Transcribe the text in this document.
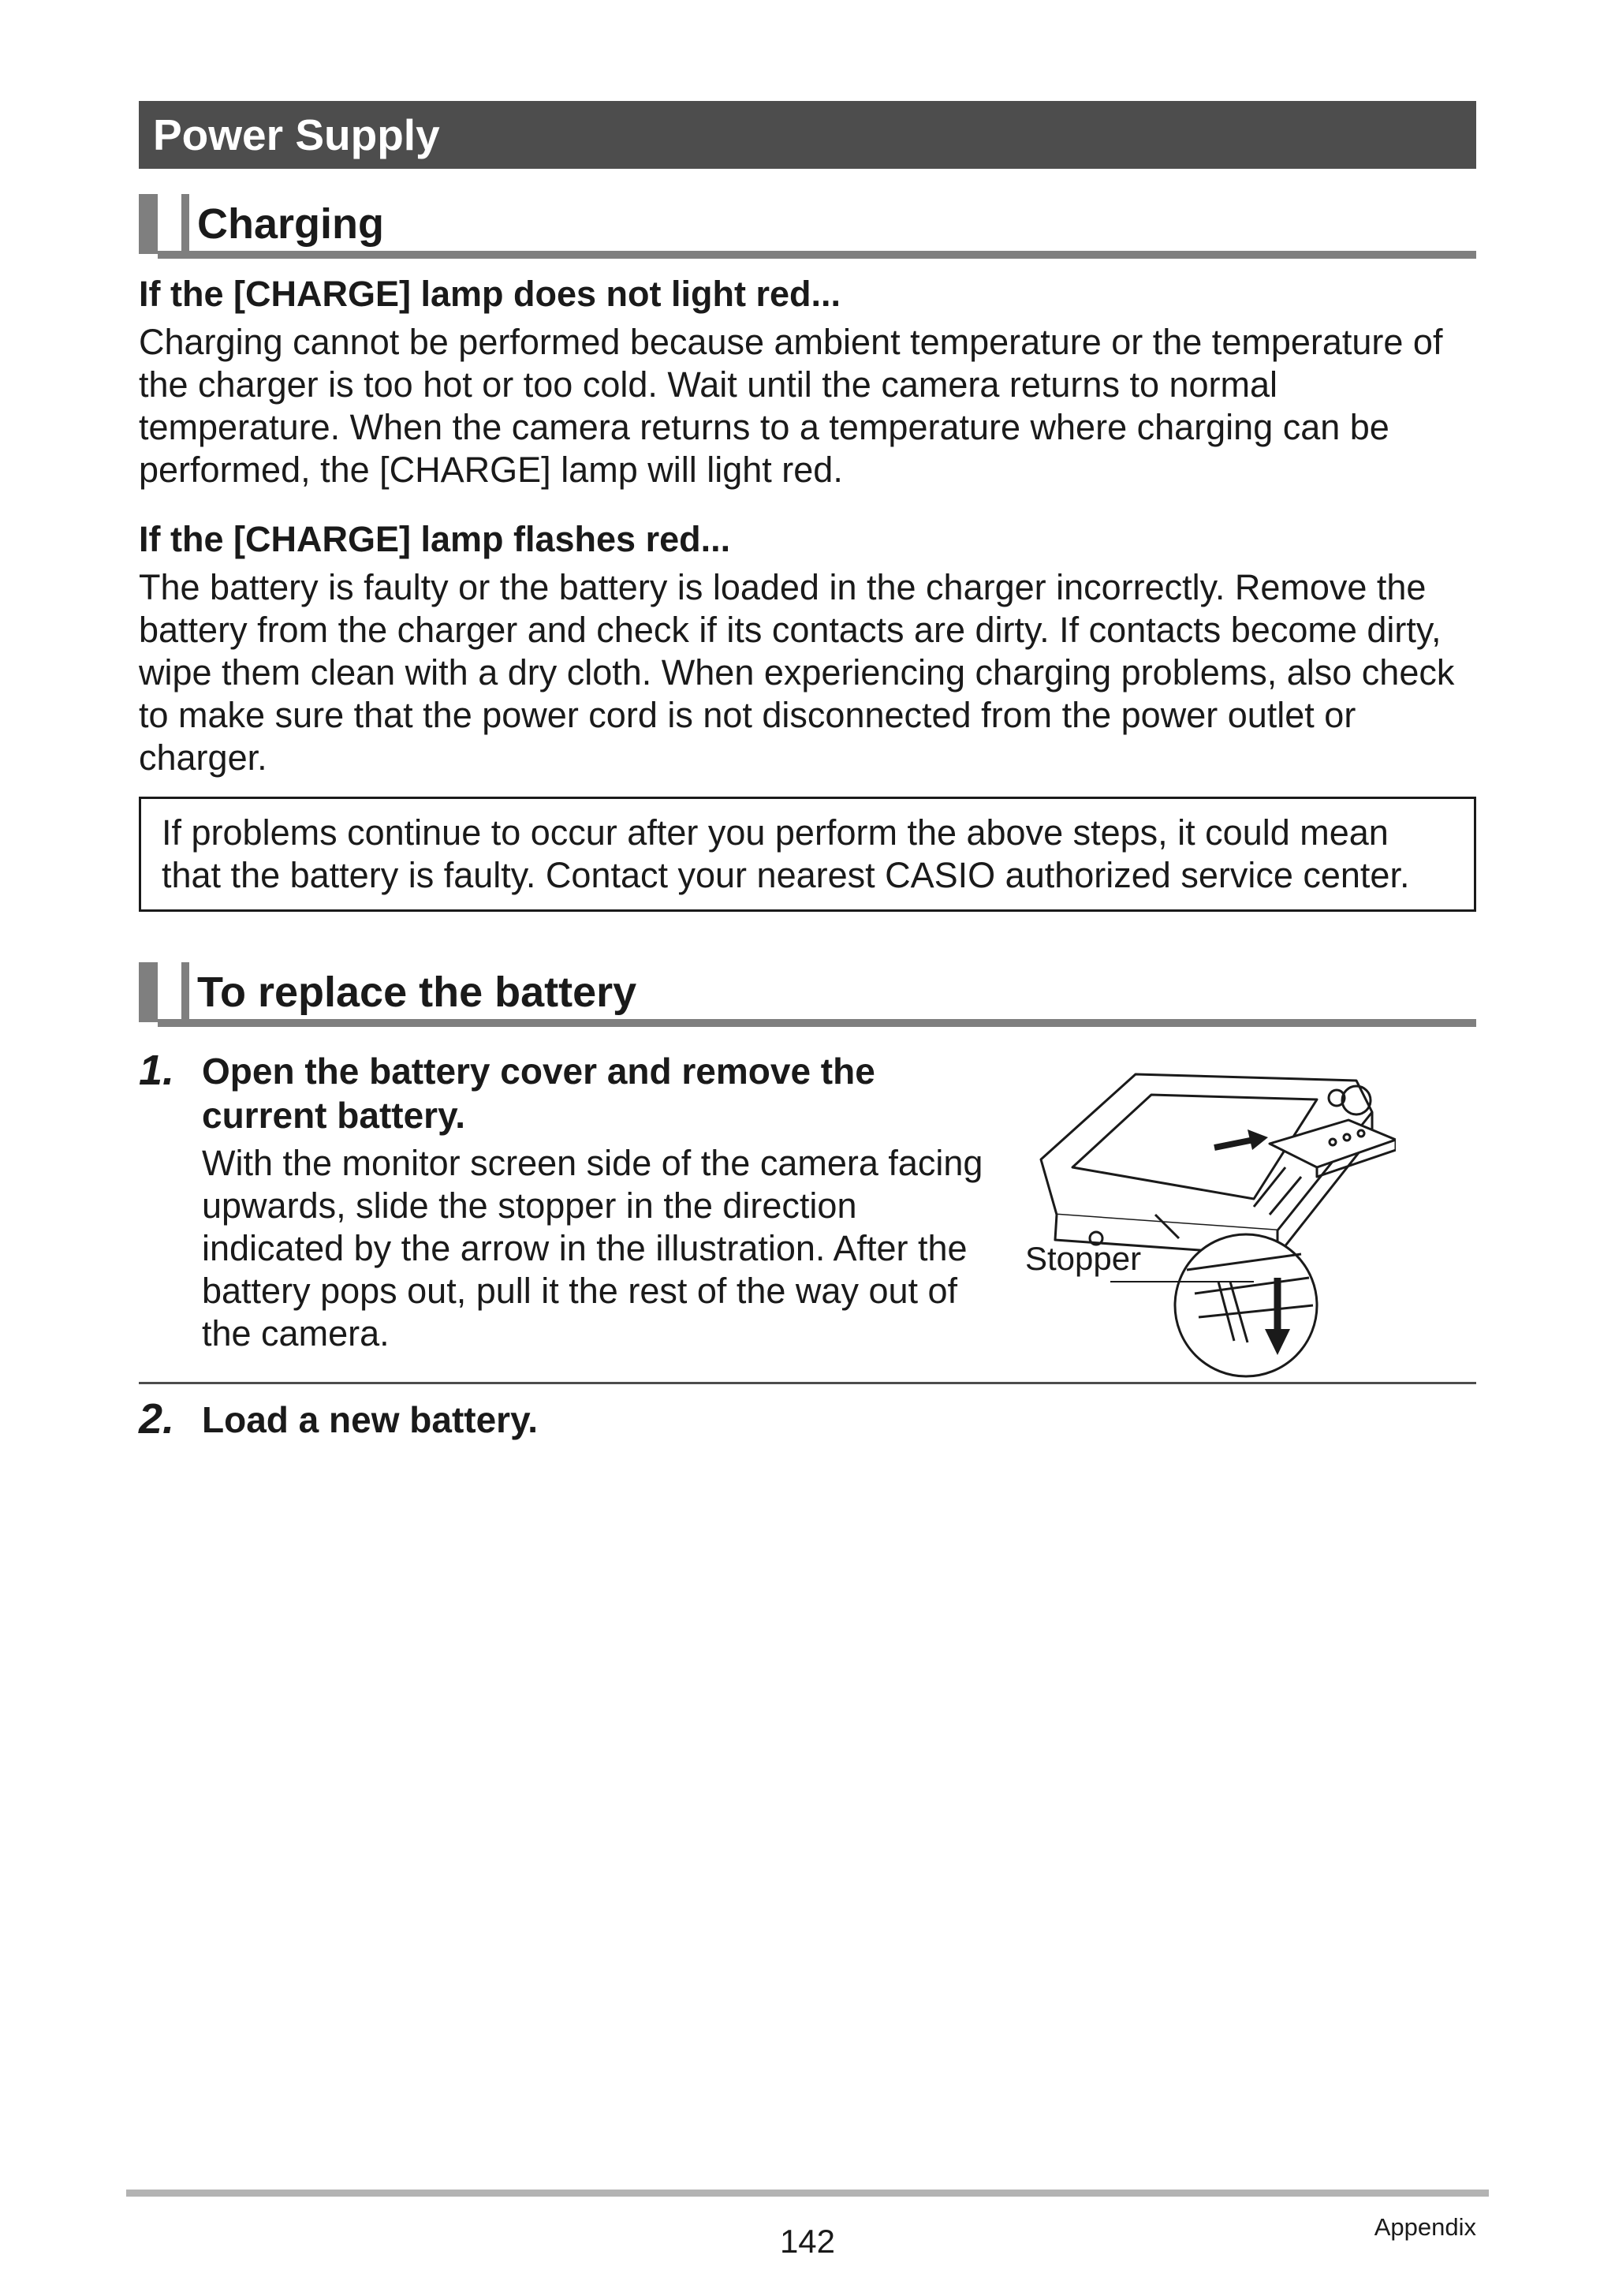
Power Supply
Charging
If the [CHARGE] lamp does not light red...

Charging cannot be performed because ambient temperature or the temperature of the charger is too hot or too cold. Wait until the camera returns to normal temperature. When the camera returns to a temperature where charging can be performed, the [CHARGE] lamp will light red.

If the [CHARGE] lamp flashes red...

The battery is faulty or the battery is loaded in the charger incorrectly. Remove the battery from the charger and check if its contacts are dirty. If contacts become dirty, wipe them clean with a dry cloth. When experiencing charging problems, also check to make sure that the power cord is not disconnected from the power outlet or charger.

If problems continue to occur after you perform the above steps, it could mean that the battery is faulty. Contact your nearest CASIO authorized service center.
To replace the battery
1. Open the battery cover and remove the current battery.

With the monitor screen side of the camera facing upwards, slide the stopper in the direction indicated by the arrow in the illustration. After the battery pops out, pull it the rest of the way out of the camera.

Stopper
2. Load a new battery.
142	Appendix
